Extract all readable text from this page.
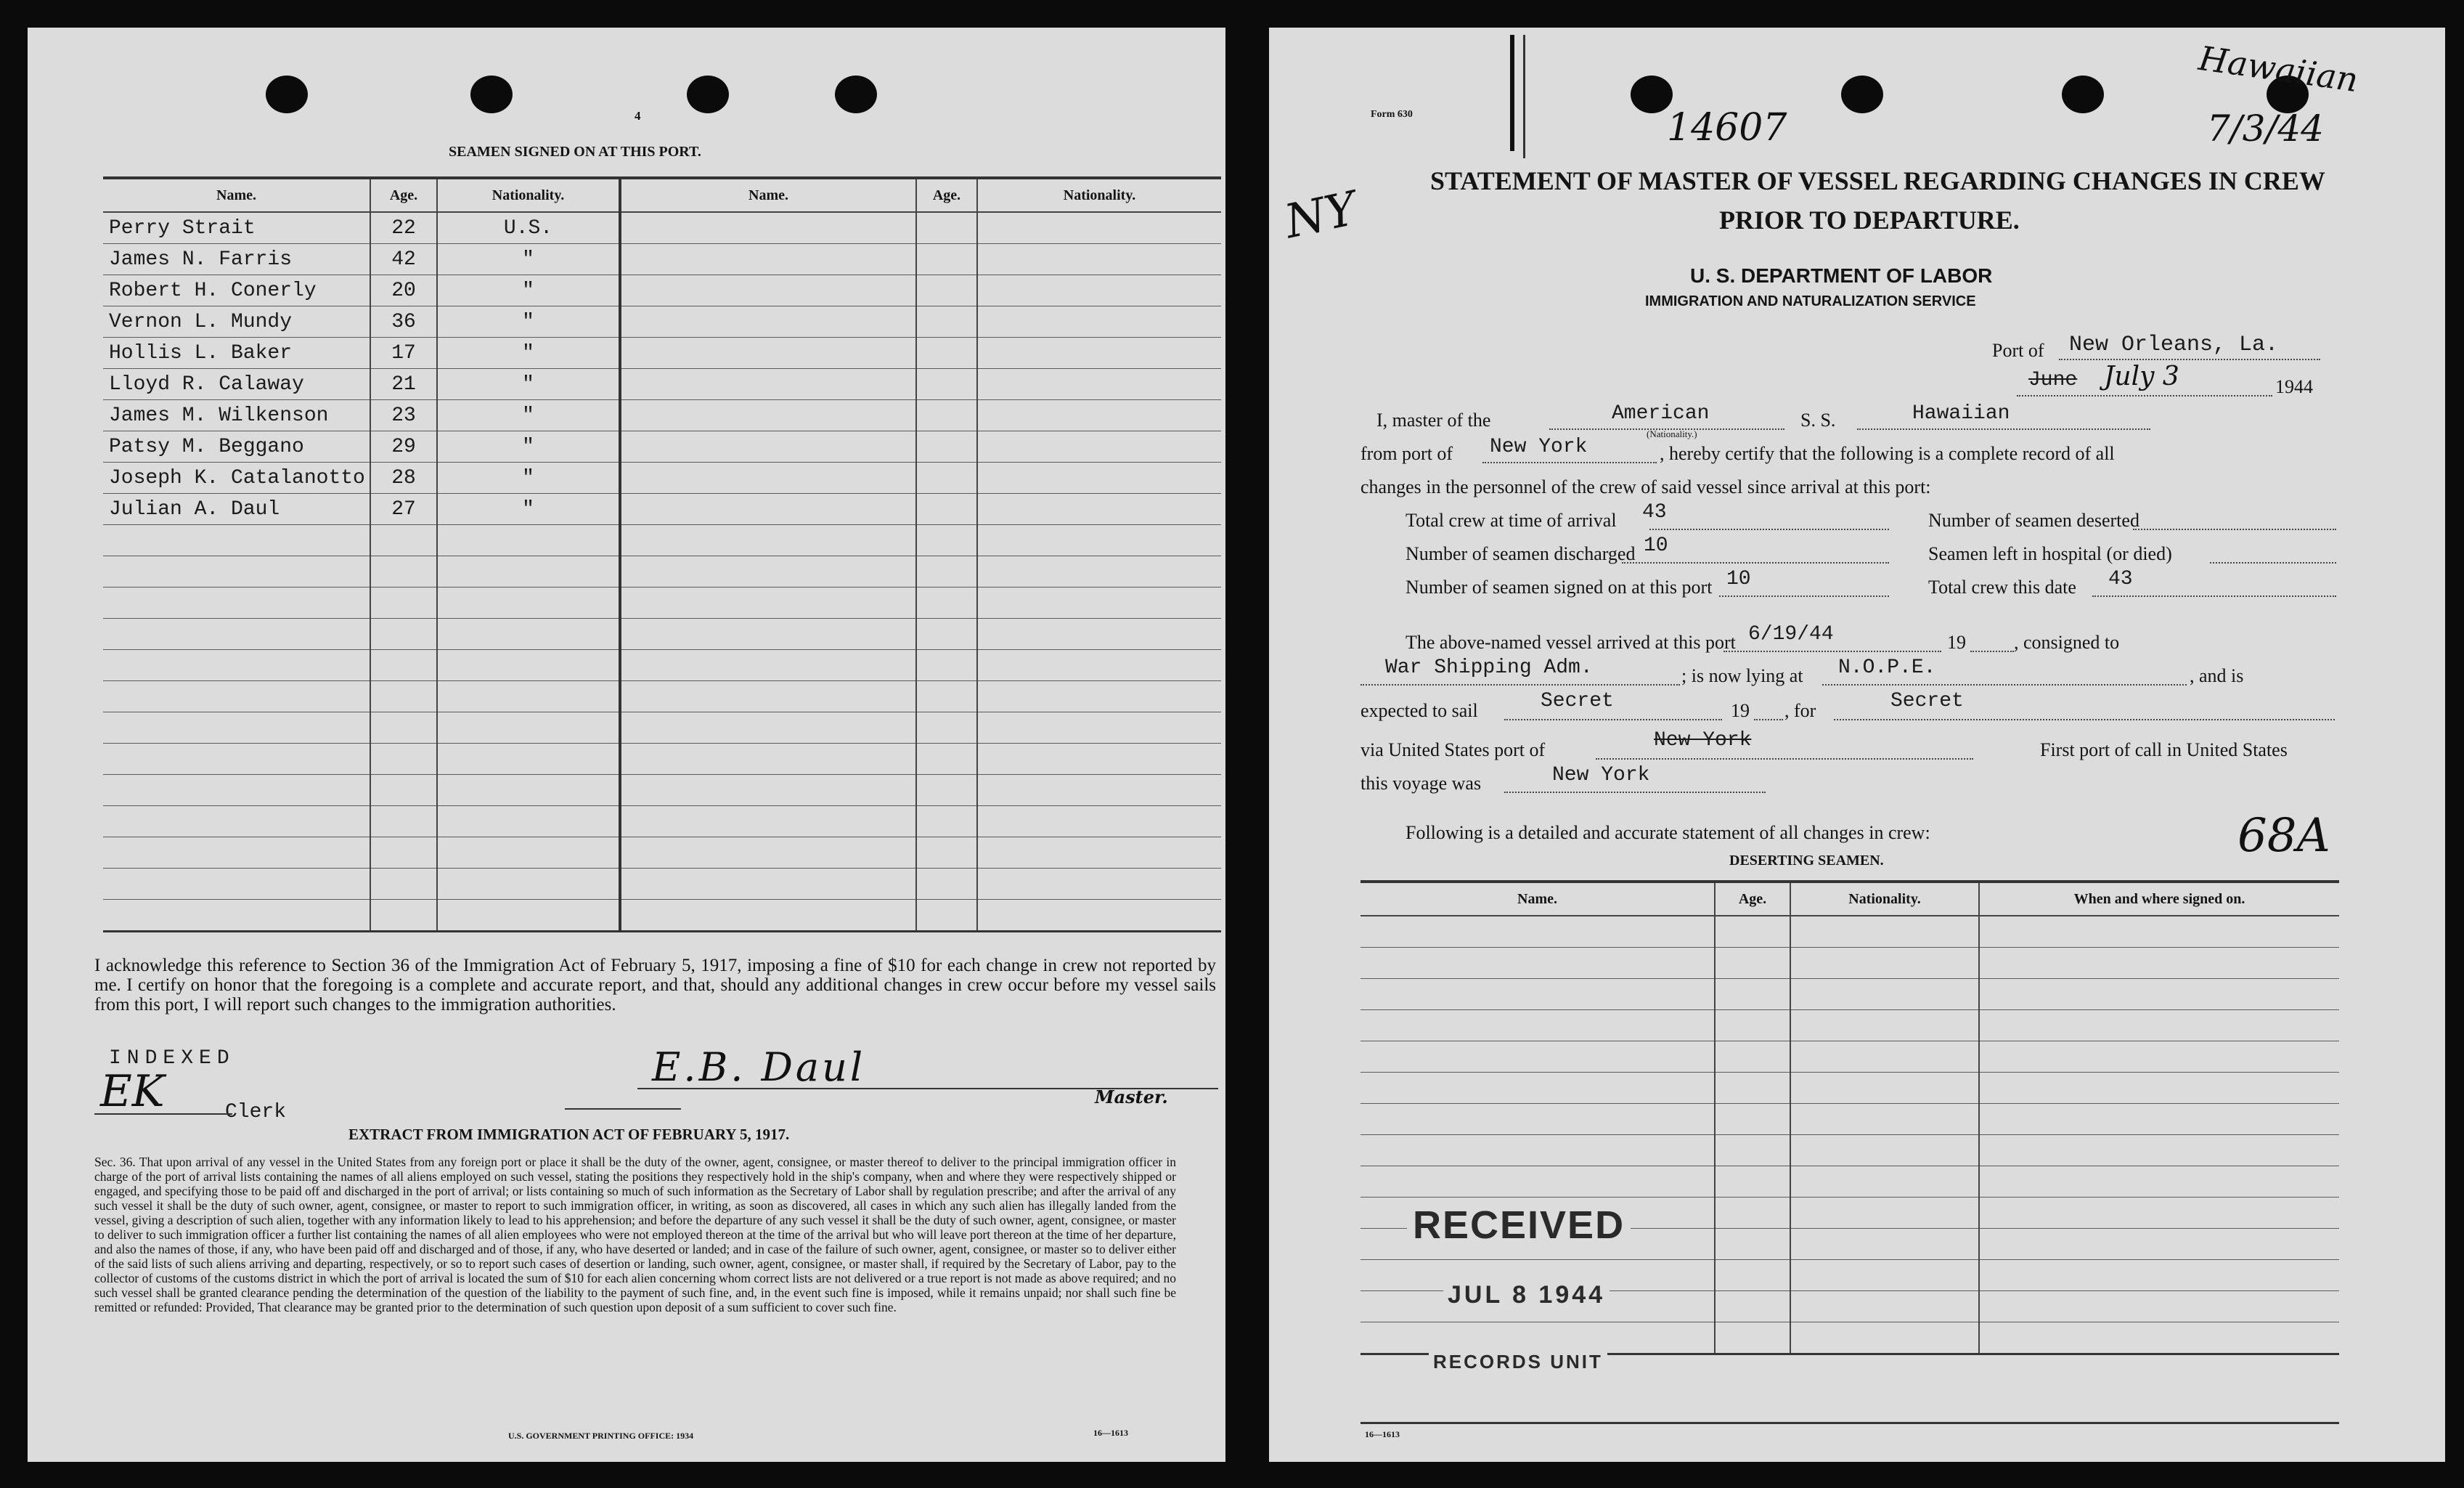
4
SEAMEN SIGNED ON AT THIS PORT.
Name.	Age.	Nationality.	Name.	Age.	Nationality.
Perry Strait	22	U.S.			
James N. Farris	42	"			
Robert H. Conerly	20	"			
Vernon L. Mundy	36	"			
Hollis L. Baker	17	"			
Lloyd R. Calaway	21	"			
James M. Wilkenson	23	"			
Patsy M. Beggano	29	"			
Joseph K. Catalanotto	28	"			
Julian A. Daul	27	"			

I acknowledge this reference to Section 36 of the Immigration Act of February 5, 1917, imposing a fine of $10 for each change in crew not reported by me. I certify on honor that the foregoing is a complete and accurate report, and that, should any additional changes in crew occur before my vessel sails from this port, I will report such changes to the immigration authorities.
INDEXED
EK	Clerk
E.B. Daul
Master.
EXTRACT FROM IMMIGRATION ACT OF FEBRUARY 5, 1917.
Sec. 36. That upon arrival of any vessel in the United States from any foreign port or place it shall be the duty of the owner, agent, consignee, or master thereof to deliver to the principal immigration officer in charge of the port of arrival lists containing the names of all aliens employed on such vessel, stating the positions they respectively hold in the ship's company, when and where they were respectively shipped or engaged, and specifying those to be paid off and discharged in the port of arrival; or lists containing so much of such information as the Secretary of Labor shall by regulation prescribe; and after the arrival of any such vessel it shall be the duty of such owner, agent, consignee, or master to report to such immigration officer, in writing, as soon as discovered, all cases in which any such alien has illegally landed from the vessel, giving a description of such alien, together with any information likely to lead to his apprehension; and before the departure of any such vessel it shall be the duty of such owner, agent, consignee, or master to deliver to such immigration officer a further list containing the names of all alien employees who were not employed thereon at the time of the arrival but who will leave port thereon at the time of her departure, and also the names of those, if any, who have been paid off and discharged and of those, if any, who have deserted or landed; and in case of the failure of such owner, agent, consignee, or master so to deliver either of the said lists of such aliens arriving and departing, respectively, or so to report such cases of desertion or landing, such owner, agent, consignee, or master shall, if required by the Secretary of Labor, pay to the collector of customs of the customs district in which the port of arrival is located the sum of $10 for each alien concerning whom correct lists are not delivered or a true report is not made as above required; and no such vessel shall be granted clearance pending the determination of the question of the liability to the payment of such fine, and, in the event such fine is imposed, while it remains unpaid; nor shall such fine be remitted or refunded: Provided, That clearance may be granted prior to the determination of such question upon deposit of a sum sufficient to cover such fine.
U.S. GOVERNMENT PRINTING OFFICE: 1934	16—1613
Form 630	14607
Hawaiian
7/3/44
NY
STATEMENT OF MASTER OF VESSEL REGARDING CHANGES IN CREW
PRIOR TO DEPARTURE.
U. S. DEPARTMENT OF LABOR
IMMIGRATION AND NATURALIZATION SERVICE
Port of New Orleans, La.
June July 3	1944
I, master of the	American
(Nationality.)
S. S.	Hawaiian
from port of New York	, hereby certify that the following is a complete record of all
changes in the personnel of the crew of said vessel since arrival at this port:
Total crew at time of arrival 43	Number of seamen deserted
Number of seamen discharged 10	Seamen left in hospital (or died)
Number of seamen signed on at this port 10	Total crew this date 43
The above-named vessel arrived at this port 6/19/44	19	, consigned to
War Shipping Adm.	; is now lying at N.O.P.E.	, and is
expected to sail	Secret	19 , for	Secret
via United States port of	New York	First port of call in United States
this voyage was	New York
Following is a detailed and accurate statement of all changes in crew:
DESERTING SEAMEN.	68A
Name.	Age.	Nationality.	When and where signed on.

RECEIVED
JUL 8 1944
RECORDS UNIT
16—1613
